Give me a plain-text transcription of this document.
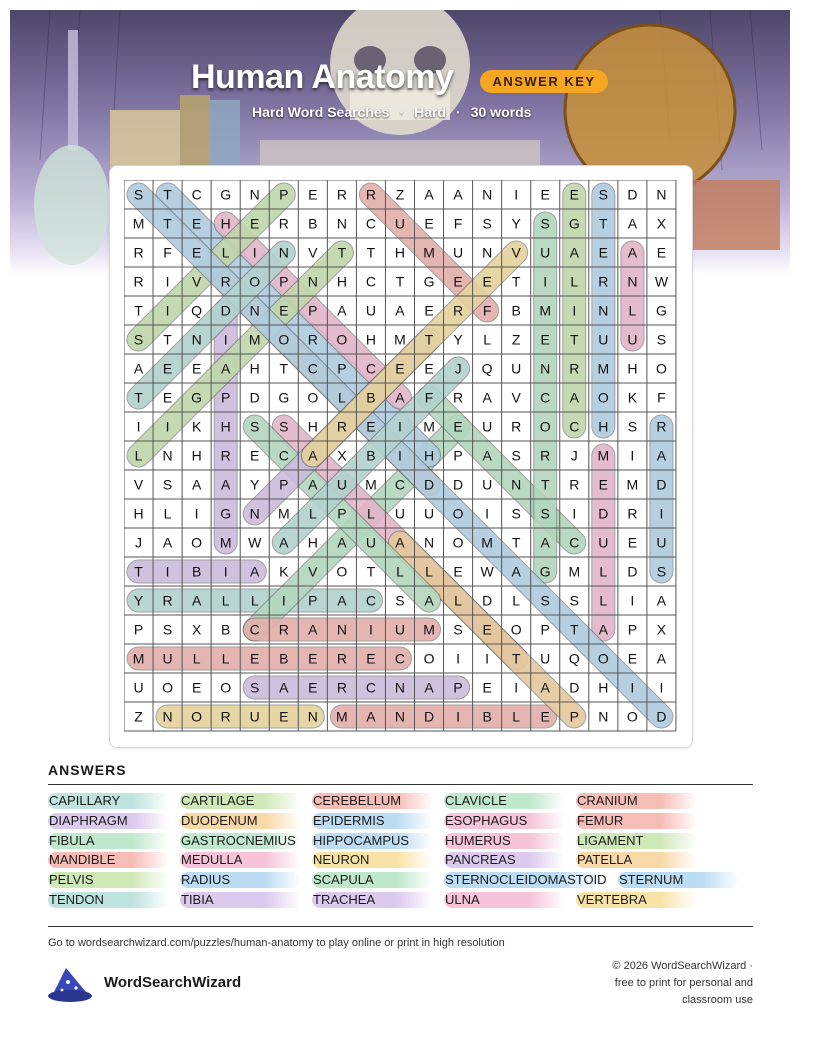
Human Anatomy	ANSWER KEY
Hard Word Searches · Hard · 30 words
S T C G N P E R R Z A A N I E E S D N
M T E H E R B N C U E F S Y S G T A X
R F E L I N V T T H M U N V U A E A E
R I V R O P N H C T G E E T I L R N W
T I Q D N E P A U A E R F B M I N L G
S T N I M O R O H M T Y L Z E T U U S
A E E A H T C P C E E J Q U N R M H O
T E G P D G O L B A F R A V C A O K F
I I K H S S H R E I M E U R O C H S R
L N H R E C A X B I H P A S R J M I A
V S A A Y P A U M C D D U N T R E M D
H L I G N M L P L U U O I S S I D R I
J A O M W A H A U A N O M T A C U E U
T I B I A K V O T L L E W A G M L D S
Y R A L L I P A C S A L D L S S L I A
P S X B C R A N I U M S E O P T A P X
M U L L E B E R E C O I I T U Q O E A
U O E O S A E R C N A P E I A D H I I
Z N O R U E N M A N D I B L E P N O D
ANSWERS
CAPILLARY	CARTILAGE	CEREBELLUM	CLAVICLE	CRANIUM
DIAPHRAGM	DUODENUM	EPIDERMIS	ESOPHAGUS	FEMUR
FIBULA	GASTROCNEMIUS	HIPPOCAMPUS	HUMERUS	LIGAMENT
MANDIBLE	MEDULLA	NEURON	PANCREAS	PATELLA
PELVIS	RADIUS	SCAPULA	STERNOCLEIDOMASTOID STERNUM
TENDON	TIBIA	TRACHEA	ULNA	VERTEBRA
Go to wordsearchwizard.com/puzzles/human-anatomy to play online or print in high resolution
WordSearchWizard
© 2026 WordSearchWizard ·
free to print for personal and
classroom use
